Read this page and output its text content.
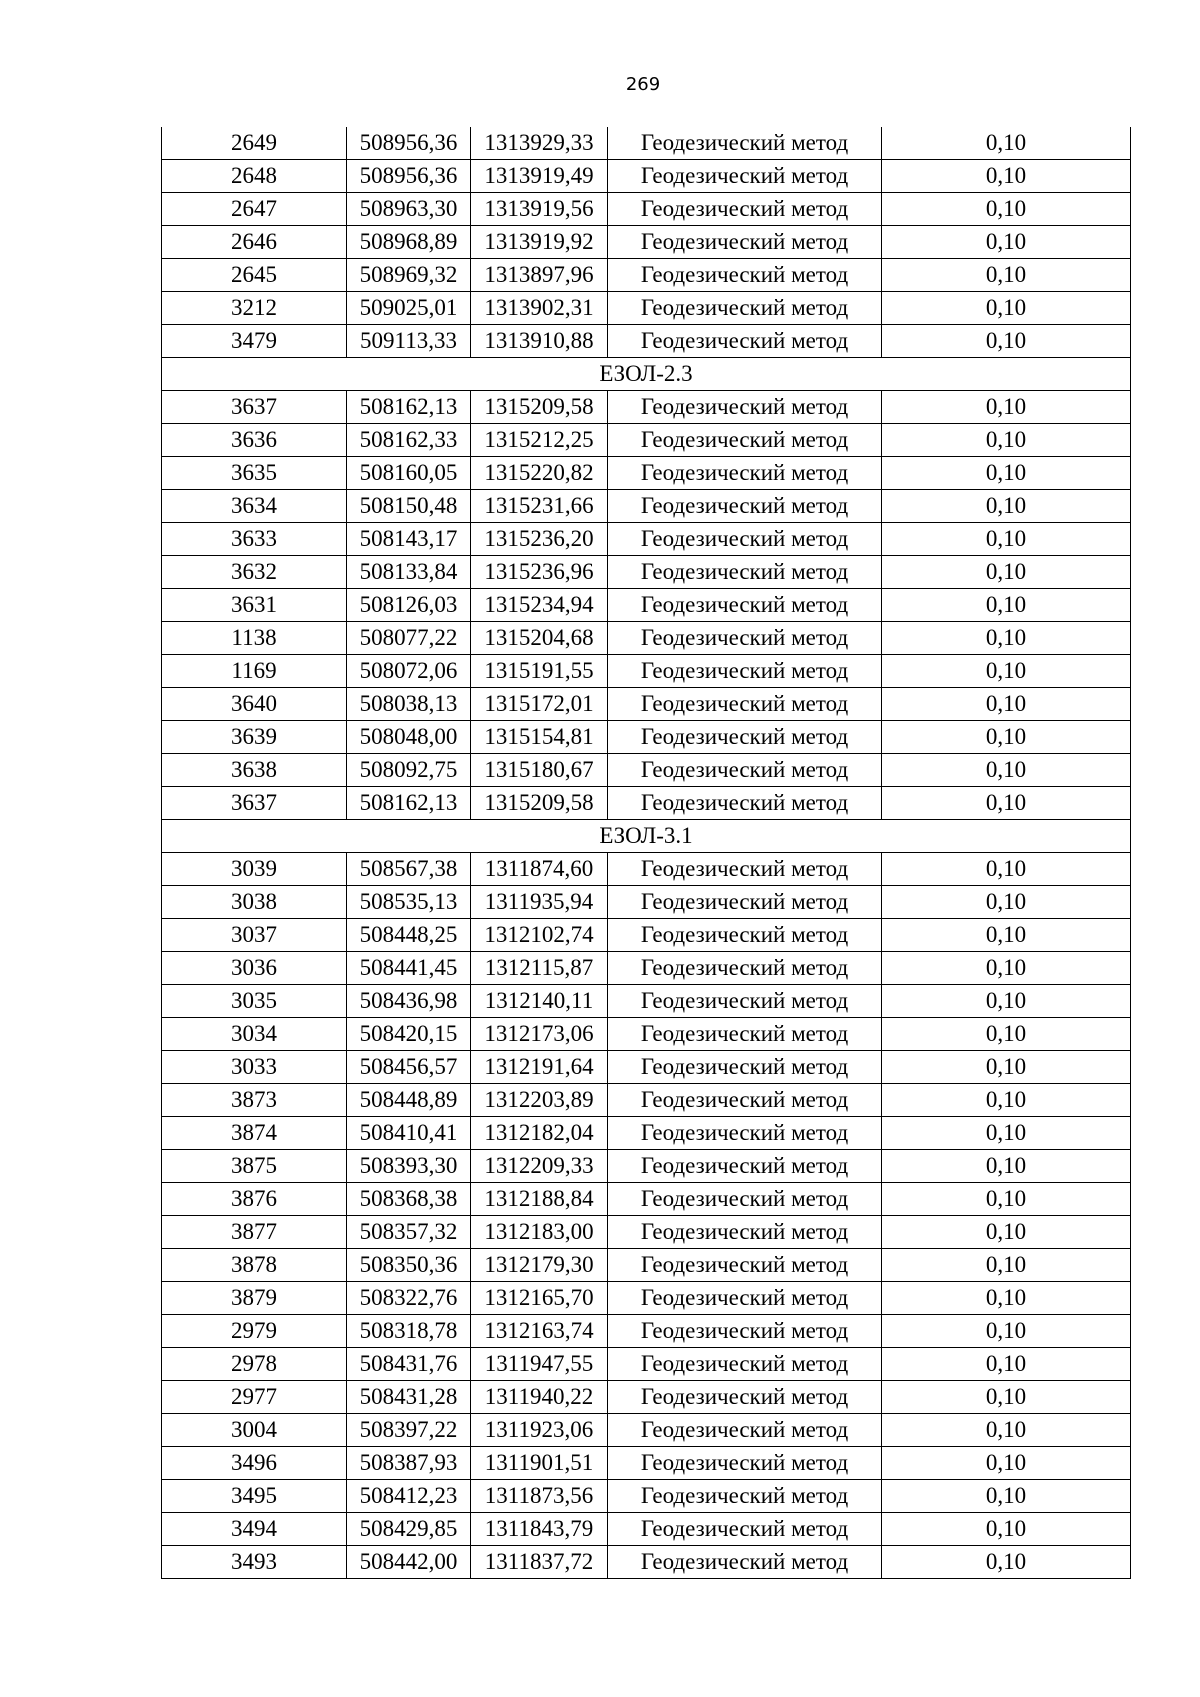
269
2649	508956,36	1313929,33	Геодезический метод	0,10
2648	508956,36	1313919,49	Геодезический метод	0,10
2647	508963,30	1313919,56	Геодезический метод	0,10
2646	508968,89	1313919,92	Геодезический метод	0,10
2645	508969,32	1313897,96	Геодезический метод	0,10
3212	509025,01	1313902,31	Геодезический метод	0,10
3479	509113,33	1313910,88	Геодезический метод	0,10
ЕЗОЛ-2.3				
3637	508162,13	1315209,58	Геодезический метод	0,10
3636	508162,33	1315212,25	Геодезический метод	0,10
3635	508160,05	1315220,82	Геодезический метод	0,10
3634	508150,48	1315231,66	Геодезический метод	0,10
3633	508143,17	1315236,20	Геодезический метод	0,10
3632	508133,84	1315236,96	Геодезический метод	0,10
3631	508126,03	1315234,94	Геодезический метод	0,10
1138	508077,22	1315204,68	Геодезический метод	0,10
1169	508072,06	1315191,55	Геодезический метод	0,10
3640	508038,13	1315172,01	Геодезический метод	0,10
3639	508048,00	1315154,81	Геодезический метод	0,10
3638	508092,75	1315180,67	Геодезический метод	0,10
3637	508162,13	1315209,58	Геодезический метод	0,10
ЕЗОЛ-3.1				
3039	508567,38	1311874,60	Геодезический метод	0,10
3038	508535,13	1311935,94	Геодезический метод	0,10
3037	508448,25	1312102,74	Геодезический метод	0,10
3036	508441,45	1312115,87	Геодезический метод	0,10
3035	508436,98	1312140,11	Геодезический метод	0,10
3034	508420,15	1312173,06	Геодезический метод	0,10
3033	508456,57	1312191,64	Геодезический метод	0,10
3873	508448,89	1312203,89	Геодезический метод	0,10
3874	508410,41	1312182,04	Геодезический метод	0,10
3875	508393,30	1312209,33	Геодезический метод	0,10
3876	508368,38	1312188,84	Геодезический метод	0,10
3877	508357,32	1312183,00	Геодезический метод	0,10
3878	508350,36	1312179,30	Геодезический метод	0,10
3879	508322,76	1312165,70	Геодезический метод	0,10
2979	508318,78	1312163,74	Геодезический метод	0,10
2978	508431,76	1311947,55	Геодезический метод	0,10
2977	508431,28	1311940,22	Геодезический метод	0,10
3004	508397,22	1311923,06	Геодезический метод	0,10
3496	508387,93	1311901,51	Геодезический метод	0,10
3495	508412,23	1311873,56	Геодезический метод	0,10
3494	508429,85	1311843,79	Геодезический метод	0,10
3493	508442,00	1311837,72	Геодезический метод	0,10
